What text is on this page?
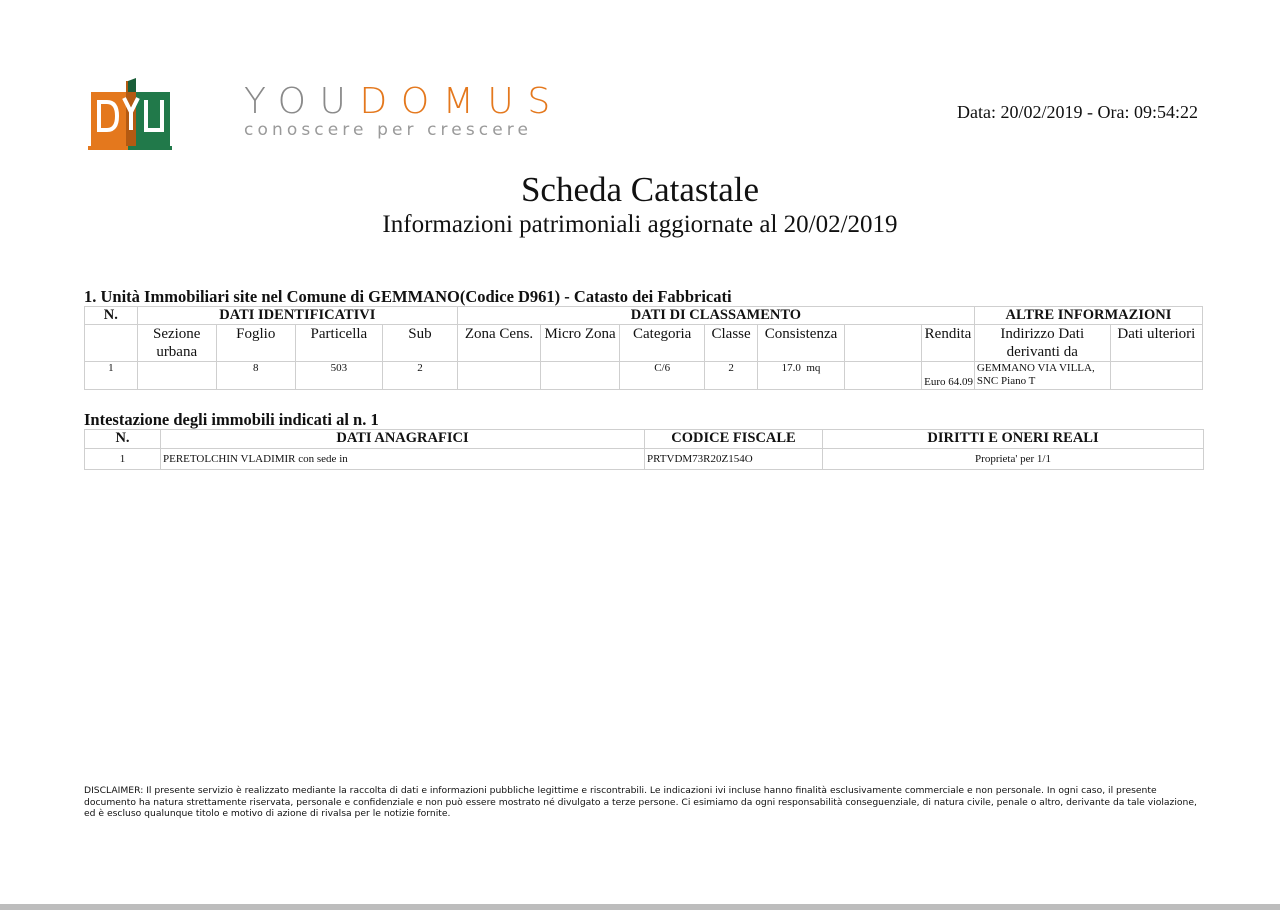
YOUDOMUS
conoscere per crescere
Data: 20/02/2019 - Ora: 09:54:22
Scheda Catastale
Informazioni patrimoniali aggiornate al 20/02/2019
1. Unità Immobiliari site nel Comune di GEMMANO(Codice D961) - Catasto dei Fabbricati
N.	DATI IDENTIFICATIVI				DATI DI CLASSAMENTO							ALTRE INFORMAZIONI	
	Sezione urbana	Foglio	Particella	Sub	Zona Cens.	Micro Zona	Categoria	Classe	Consistenza		Rendita	Indirizzo Dati derivanti da	Dati ulteriori
1		8	503	2			C/6	2	17.0  mq		Euro 64.09	GEMMANO VIA VILLA, SNC Piano T	
Intestazione degli immobili indicati al n. 1
N.	DATI ANAGRAFICI	CODICE FISCALE	DIRITTI E ONERI REALI
1	PERETOLCHIN VLADIMIR con sede in	PRTVDM73R20Z154O	Proprieta' per 1/1
DISCLAIMER: Il presente servizio è realizzato mediante la raccolta di dati e informazioni pubbliche legittime e riscontrabili. Le indicazioni ivi incluse hanno finalità esclusivamente commerciale e non personale. In ogni caso, il presente documento ha natura strettamente riservata, personale e confidenziale e non può essere mostrato né divulgato a terze persone. Ci esimiamo da ogni responsabilità conseguenziale, di natura civile, penale o altro, derivante da tale violazione, ed è escluso qualunque titolo e motivo di azione di rivalsa per le notizie fornite.
